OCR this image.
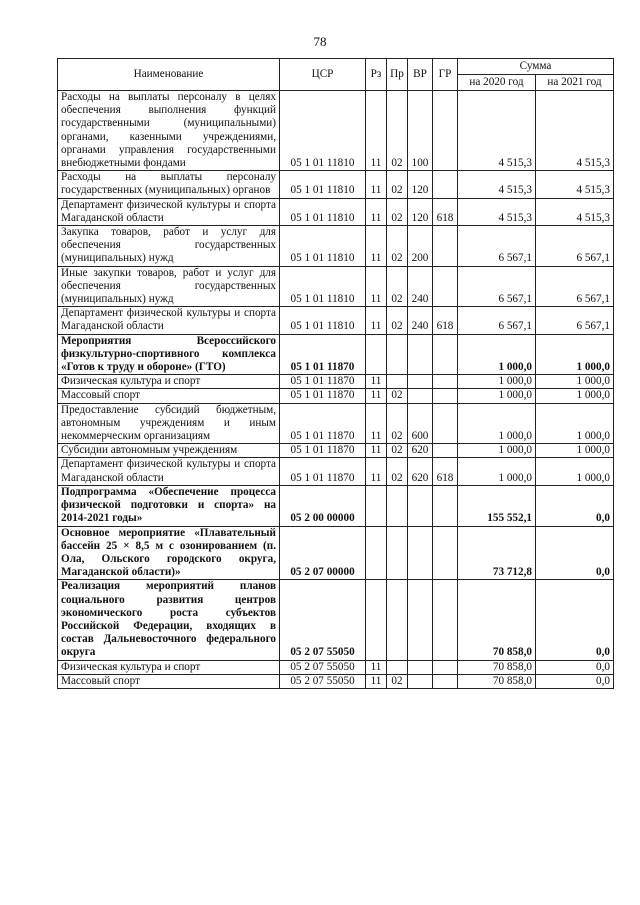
78
Наименование	ЦСР	Рз	Пр	ВР	ГР	Сумма	
						на 2020 год	на 2021 год
Расходы на выплаты персоналу в целях обеспечения выполнения функций государственными (муниципальными) органами, казенными учреждениями, органами управления государственными внебюджетными фондами	05 1 01 11810	11	02	100		4 515,3	4 515,3
Расходы на выплаты персоналу государственных (муниципальных) органов	05 1 01 11810	11	02	120		4 515,3	4 515,3
Департамент физической культуры и спорта Магаданской области	05 1 01 11810	11	02	120	618	4 515,3	4 515,3
Закупка товаров, работ и услуг для обеспечения государственных (муниципальных) нужд	05 1 01 11810	11	02	200		6 567,1	6 567,1
Иные закупки товаров, работ и услуг для обеспечения государственных (муниципальных) нужд	05 1 01 11810	11	02	240		6 567,1	6 567,1
Департамент физической культуры и спорта Магаданской области	05 1 01 11810	11	02	240	618	6 567,1	6 567,1
Мероприятия Всероссийского физкультурно-спортивного комплекса «Готов к труду и обороне» (ГТО)	05 1 01 11870					1 000,0	1 000,0
Физическая культура и спорт	05 1 01 11870	11				1 000,0	1 000,0
Массовый спорт	05 1 01 11870	11	02			1 000,0	1 000,0
Предоставление субсидий бюджетным, автономным учреждениям и иным некоммерческим организациям	05 1 01 11870	11	02	600		1 000,0	1 000,0
Субсидии автономным учреждениям	05 1 01 11870	11	02	620		1 000,0	1 000,0
Департамент физической культуры и спорта Магаданской области	05 1 01 11870	11	02	620	618	1 000,0	1 000,0
Подпрограмма «Обеспечение процесса физической подготовки и спорта» на 2014-2021 годы»	05 2 00 00000					155 552,1	0,0
Основное мероприятие «Плавательный бассейн 25 × 8,5 м с озонированием (п. Ола, Ольского городского округа, Магаданской области)»	05 2 07 00000					73 712,8	0,0
Реализация мероприятий планов социального развития центров экономического роста субъектов Российской Федерации, входящих в состав Дальневосточного федерального округа	05 2 07 55050					70 858,0	0,0
Физическая культура и спорт	05 2 07 55050	11				70 858,0	0,0
Массовый спорт	05 2 07 55050	11	02			70 858,0	0,0
